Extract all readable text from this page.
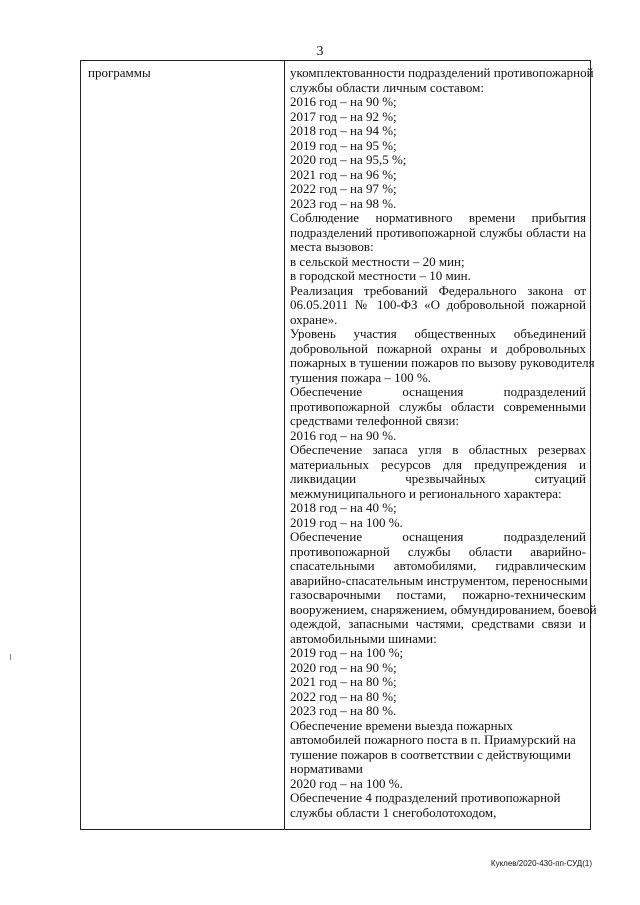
3
программы	укомплектованности подразделений противопожарной
службы области личным составом:
2016 год – на 90 %;
2017 год – на 92 %;
2018 год – на 94 %;
2019 год – на 95 %;
2020 год – на 95,5 %;
2021 год – на 96 %;
2022 год – на 97 %;
2023 год – на 98 %.
Соблюдение нормативного времени прибытия
подразделений противопожарной службы области на
места вызовов:
в сельской местности – 20 мин;
в городской местности – 10 мин.
Реализация требований Федерального закона от
06.05.2011 № 100-ФЗ «О добровольной пожарной
охране».
Уровень участия общественных объединений
добровольной пожарной охраны и добровольных
пожарных в тушении пожаров по вызову руководителя
тушения пожара – 100 %.
Обеспечение оснащения подразделений
противопожарной службы области современными
средствами телефонной связи:
2016 год – на 90 %.
Обеспечение запаса угля в областных резервах
материальных ресурсов для предупреждения и
ликвидации чрезвычайных ситуаций
межмуниципального и регионального характера:
2018 год – на 40 %;
2019 год – на 100 %.
Обеспечение оснащения подразделений
противопожарной службы области аварийно-
спасательными автомобилями, гидравлическим
аварийно-спасательным инструментом, переносными
газосварочными постами, пожарно-техническим
вооружением, снаряжением, обмундированием, боевой
одеждой, запасными частями, средствами связи и
автомобильными шинами:
2019 год – на 100 %;
2020 год – на 90 %;
2021 год – на 80 %;
2022 год – на 80 %;
2023 год – на 80 %.
Обеспечение времени выезда пожарных
автомобилей пожарного поста в п. Приамурский на
тушение пожаров в соответствии с действующими
нормативами
2020 год – на 100 %.
Обеспечение 4 подразделений противопожарной
службы области 1 снегоболотоходом,
Куклев/2020-430-пп-СУД(1)
